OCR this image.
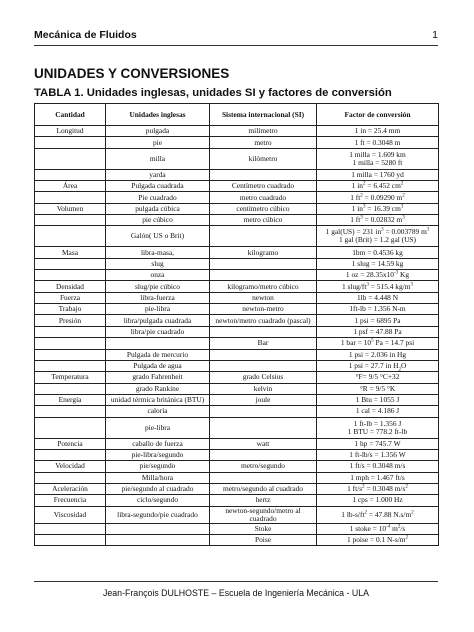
Mecánica de Fluidos	1
UNIDADES Y CONVERSIONES
TABLA 1. Unidades inglesas, unidades SI y factores de conversión
Cantidad	Unidades inglesas	Sistema internacional (SI)	Factor de conversión
Longitud	pulgada	milímetro	1 in = 25.4 mm
	pie	metro	1 ft = 0.3048 m
	milla	kilómetro	1 milla = 1.609 km
1 milla = 5280 ft
	yarda		1 milla = 1760 yd
Área	Pulgada cuadrada	Centímetro cuadrado	1 $in^2 = 6.452$ $cm^2$
	Pie cuadrado	metro cuadrado	1 $ft^2 = 0.09290$ $m^2$
Volumen	pulgada cúbica	centímetro cúbico	1 $in^3 = 16.39$ $cm^3$
	pie cúbico	metro cúbico	1 $ft^3 = 0.02832$ $m^3$
	Galón( US o Brit)		1 gal(US) = 231 $in^3 = 0.003789$ $m^3$
1 gal (Brit) = 1.2 gal (US)
Masa	libra-masa,	kilogramo	1bm = 0.4536 kg
	slug		1 slug = 14.59 kg
	onza		1 oz = $28.35x10^{-3}$ Kg
Densidad	slug/pie cúbico	kilogramo/metro cúbico	1 slug/$ft^3 = 515.4$ $kg/m^3$
Fuerza	libra-fuerza	newton	1lb = 4.448 N
Trabajo	pie-libra	newton-metro	1ft-lb = 1.356 N-m
Presión	libra/pulgada cuadrada	newton/metro cuadrado (pascal)	1 psi = 6895 Pa
	libra/pie cuadrado		1 psf = 47.88 Pa
		Bar	1 bar = $10^5$ Pa = 14.7 psi
	Pulgada de mercurio		1 psi = 2.036 in Hg
	Pulgada de agua		1 psi = 27.7 in $H_2O$
Temperatura	grado Fahrenheit	grado Celsius	°F= 9/5 °C+32
	grado Rankine	kelvin	°R = 9/5 °K
Energía	unidad térmica británica (BTU)	joule	1 Btu = 1055 J
	caloría		1 cal = 4.186 J
	pie-libra		1 ft-lb = 1.356 J
1 BTU = 778.2 ft-lb
Potencia	caballo de fuerza	watt	1 hp = 745.7 W
	pie-libra/segundo		1 ft-lb/s = 1.356 W
Velocidad	pie/segundo	metro/segundo	1 ft/s = 0.3048 m/s
	Milla/hora		1 mph = 1.467 ft/s
Aceleración	pie/segundo al cuadrado	metro/segundo al cuadrado	1 $ft/s^2 = 0.3048$ $m/s^2$
Frecuencia	ciclo/segundo	hertz	1 cps = 1.000 Hz
Viscosidad	libra-segundo/pie cuadrado	newton-segundo/metro al cuadrado	1 $lb-s/ft^2 = 47.88$ $N.s/m^2$
		Stoke	1 stoke = $10^{-4}$ $m^2/s$
		Poise	1 poise = 0.1 $N-s/m^2$
Jean-François DULHOSTE – Escuela de Ingeniería Mecánica - ULA
